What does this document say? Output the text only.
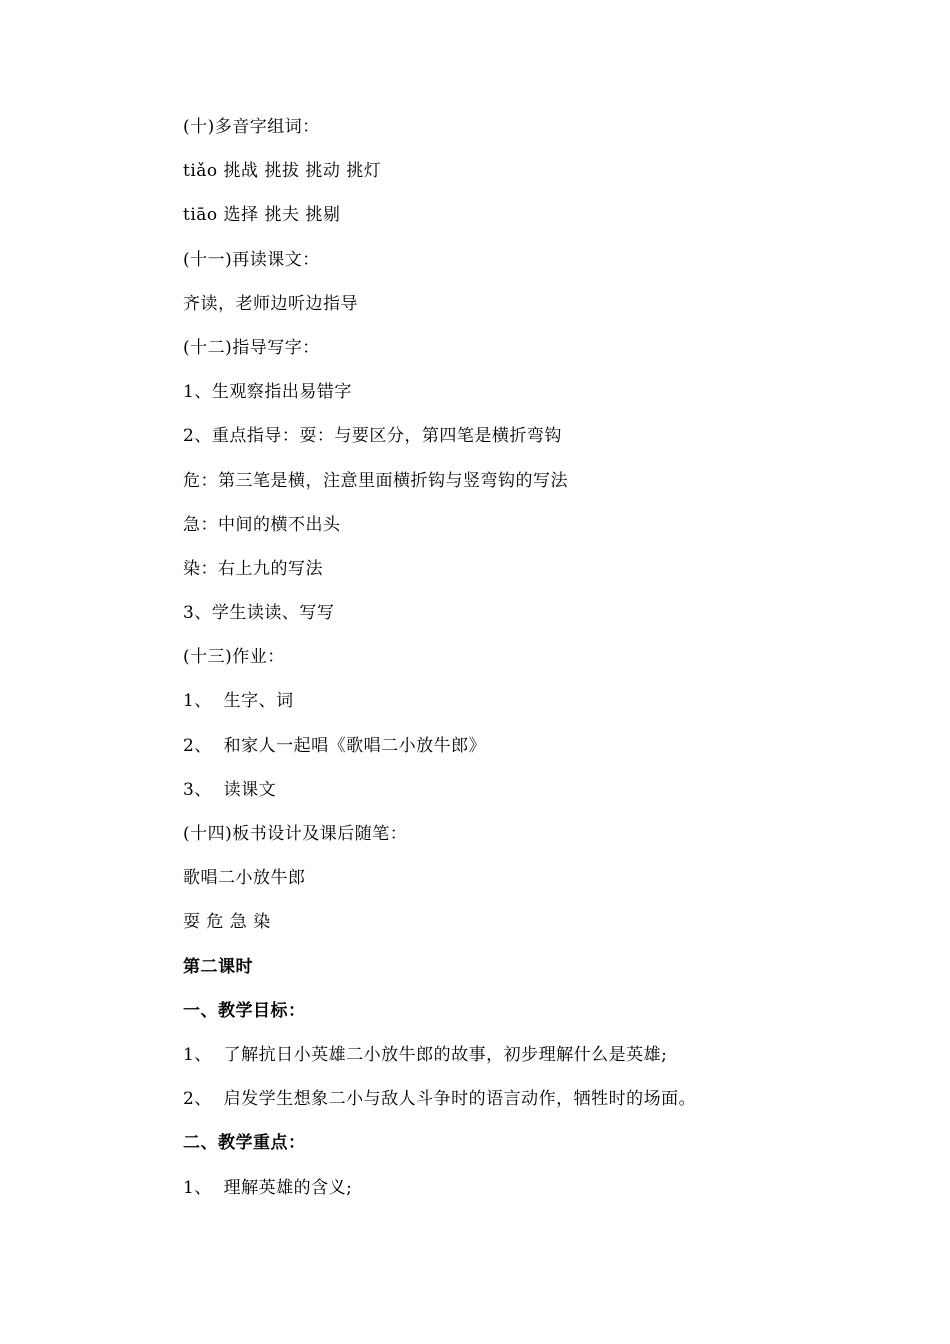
(十)多音字组词：
tiǎo 挑战 挑拔 挑动 挑灯
tiāo 选择 挑夫 挑剔
(十一)再读课文：
齐读，老师边听边指导
(十二)指导写字：
1、生观察指出易错字
2、重点指导：耍：与要区分，第四笔是横折弯钩
危：第三笔是横，注意里面横折钩与竖弯钩的写法
急：中间的横不出头
染：右上九的写法
3、学生读读、写写
(十三)作业：
1、  生字、词
2、  和家人一起唱《歌唱二小放牛郎》
3、  读课文
(十四)板书设计及课后随笔：
歌唱二小放牛郎
耍 危 急 染
第二课时
一、教学目标：
1、  了解抗日小英雄二小放牛郎的故事，初步理解什么是英雄;
2、  启发学生想象二小与敌人斗争时的语言动作，牺牲时的场面。
二、教学重点：
1、  理解英雄的含义;
